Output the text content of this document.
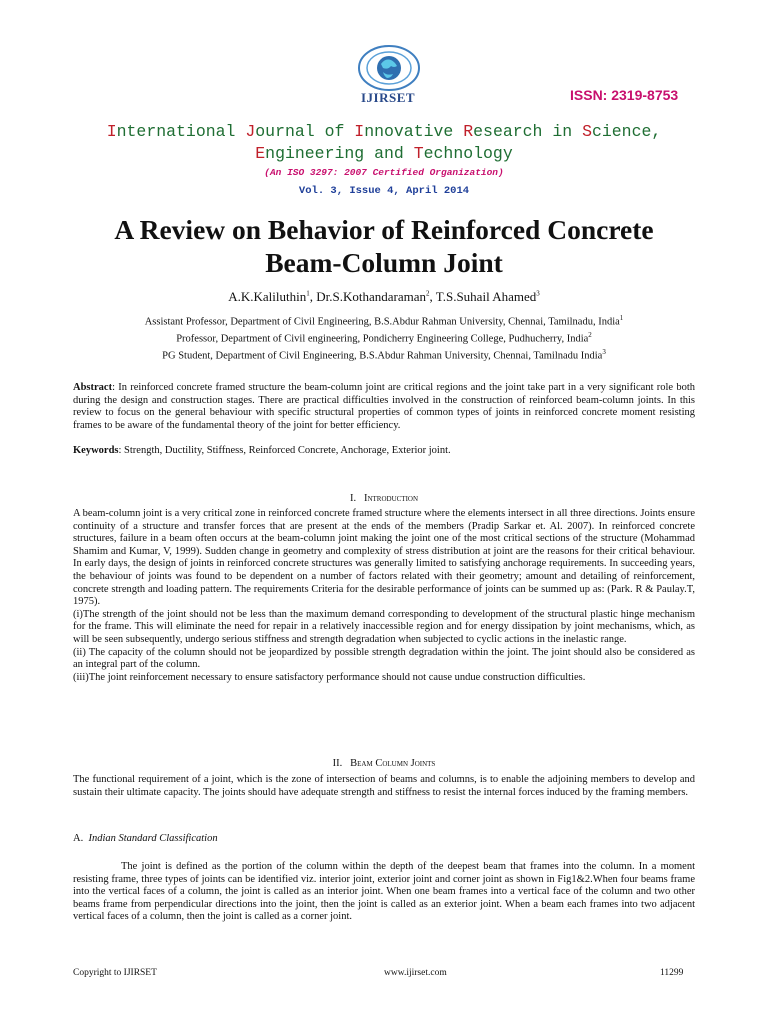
IJIRSET	ISSN: 2319-8753
International Journal of Innovative Research in Science,
Engineering and Technology
(An ISO 3297: 2007 Certified Organization)
Vol. 3, Issue 4, April 2014
A Review on Behavior of Reinforced Concrete
Beam-Column Joint
A.K.Kaliluthin$^1$, Dr.S.Kothandaraman$^2$, T.S.Suhail Ahamed$^3$
Assistant Professor, Department of Civil Engineering, B.S.Abdur Rahman University, Chennai, Tamilnadu, India$^1$
Professor, Department of Civil engineering, Pondicherry Engineering College, Pudhucherry, India$^2$
PG Student, Department of Civil Engineering, B.S.Abdur Rahman University, Chennai, Tamilnadu India$^3$

Abstract: In reinforced concrete framed structure the beam-column joint are critical regions and the joint take part in a very significant role both during the design and construction stages. There are practical difficulties involved in the construction of reinforced beam-column joints. In this review to focus on the general behaviour with specific structural properties of common types of joints in reinforced concrete moment resisting frames to be aware of the fundamental theory of the joint for better efficiency.

Keywords: Strength, Ductility, Stiffness, Reinforced Concrete, Anchorage, Exterior joint.

I. Introduction

A beam-column joint is a very critical zone in reinforced concrete framed structure where the elements intersect in all three directions. Joints ensure continuity of a structure and transfer forces that are present at the ends of the members (Pradip Sarkar et. Al. 2007). In reinforced concrete structures, failure in a beam often occurs at the beam-column joint making the joint one of the most critical sections of the structure (Mohammad Shamim and Kumar, V, 1999). Sudden change in geometry and complexity of stress distribution at joint are the reasons for their critical behaviour. In early days, the design of joints in reinforced concrete structures was generally limited to satisfying anchorage requirements. In succeeding years, the behaviour of joints was found to be dependent on a number of factors related with their geometry; amount and detailing of reinforcement, concrete strength and loading pattern. The requirements Criteria for the desirable performance of joints can be summed up as: (Park. R & Paulay.T, 1975).

(i)The strength of the joint should not be less than the maximum demand corresponding to development of the structural plastic hinge mechanism for the frame. This will eliminate the need for repair in a relatively inaccessible region and for energy dissipation by joint mechanisms, which, as will be seen subsequently, undergo serious stiffness and strength degradation when subjected to cyclic actions in the inelastic range.

(ii) The capacity of the column should not be jeopardized by possible strength degradation within the joint. The joint should also be considered as an integral part of the column.

(iii)The joint reinforcement necessary to ensure satisfactory performance should not cause undue construction difficulties.

II. Beam Column Joints

The functional requirement of a joint, which is the zone of intersection of beams and columns, is to enable the adjoining members to develop and sustain their ultimate capacity. The joints should have adequate strength and stiffness to resist the internal forces induced by the framing members.

A. Indian Standard Classification

The joint is defined as the portion of the column within the depth of the deepest beam that frames into the column. In a moment resisting frame, three types of joints can be identified viz. interior joint, exterior joint and corner joint as shown in Fig1&2.When four beams frame into the vertical faces of a column, the joint is called as an interior joint. When one beam frames into a vertical face of the column and two other beams frame from perpendicular directions into the joint, then the joint is called as an exterior joint. When a beam each frames into two adjacent vertical faces of a column, then the joint is called as a corner joint.

Copyright to IJIRSET	www.ijirset.com	11299
